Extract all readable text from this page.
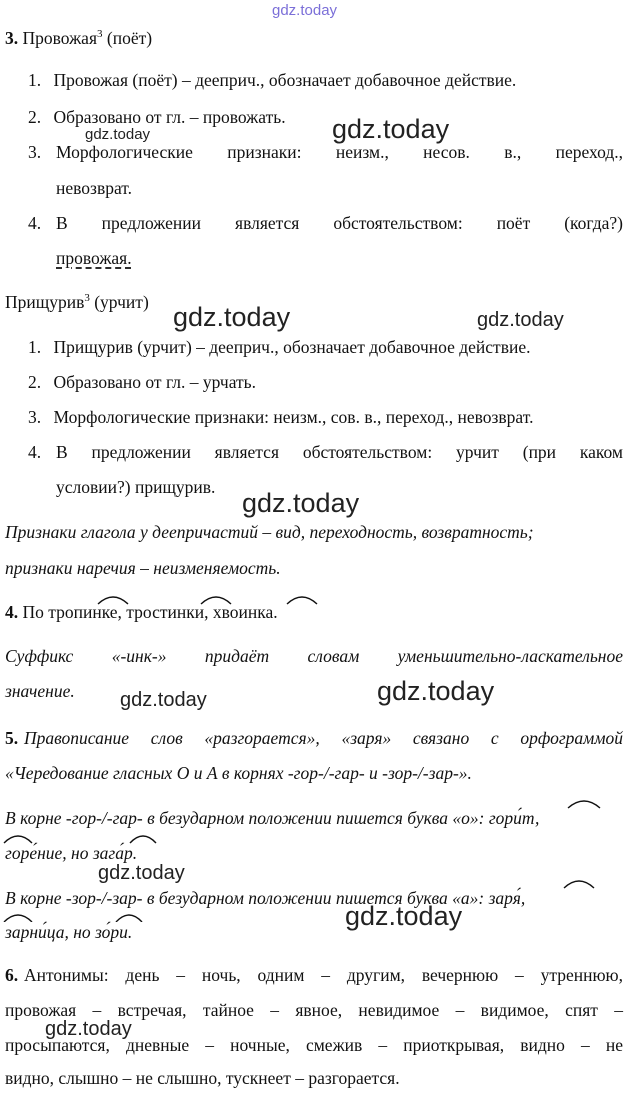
gdz.today
gdz.today
gdz.today
gdz.today	gdz.today
gdz.today
gdz.today
gdz.today
gdz.today
gdz.today
gdz.today
3. Провожая$^3$ (поёт)
1. Провожая (поёт) – дееприч., обозначает добавочное действие.
2. Образовано от гл. – провожать.
3. Морфологические признаки: неизм., несов. в., переход.,
невозврат.
4. В предложении является обстоятельством: поёт (когда?)
провожая.
Прищурив$^3$ (урчит)
1. Прищурив (урчит) – дееприч., обозначает добавочное действие.
2. Образовано от гл. – урчать.
3. Морфологические признаки: неизм., сов. в., переход., невозврат.
4. В предложении является обстоятельством: урчит (при каком
условии?) прищурив.
Признаки глагола у деепричастий – вид, переходность, возвратность;
признаки наречия – неизменяемость.
4. По тропинке, тростинки, хвоинка.
Суффикс «-инк-» придаёт словам уменьшительно-ласкательное
значение.
5. Правописание слов «разгорается», «заря» связано с орфограммой
«Чередование гласных О и А в корнях -гор-/-гар- и -зор-/-зар-».
В корне -гор-/-гар- в безударном положении пишется буква «о»: гори́т,
горе́ние, но зага́р.
В корне -зор-/-зар- в безударном положении пишется буква «а»: заря́,
зарни́ца, но зо́ри.
6. Антонимы: день – ночь, одним – другим, вечернюю – утреннюю,
провожая – встречая, тайное – явное, невидимое – видимое, спят –
просыпаются, дневные – ночные, смежив – приоткрывая, видно – не
видно, слышно – не слышно, тускнеет – разгорается.
